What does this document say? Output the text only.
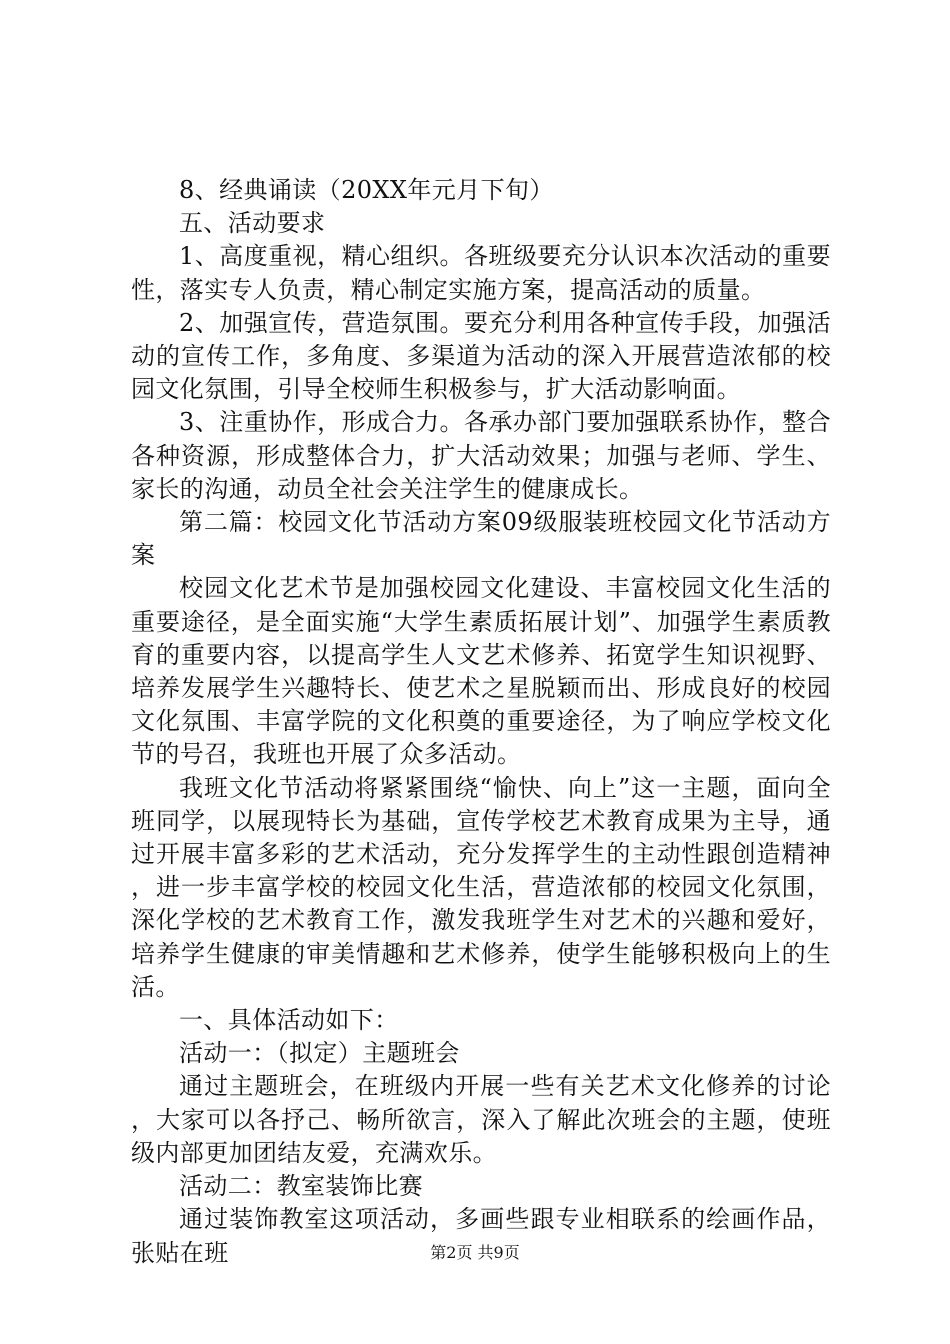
8、经典诵读（20XX年元月下旬）

五、活动要求

1、高度重视，精心组织。各班级要充分认识本次活动的重要性，落实专人负责，精心制定实施方案，提高活动的质量。

2、加强宣传，营造氛围。要充分利用各种宣传手段，加强活动的宣传工作，多角度、多渠道为活动的深入开展营造浓郁的校园文化氛围，引导全校师生积极参与，扩大活动影响面。

3、注重协作，形成合力。各承办部门要加强联系协作，整合各种资源，形成整体合力，扩大活动效果；加强与老师、学生、家长的沟通，动员全社会关注学生的健康成长。

第二篇：校园文化节活动方案09级服装班校园文化节活动方案

校园文化艺术节是加强校园文化建设、丰富校园文化生活的重要途径，是全面实施“大学生素质拓展计划”、加强学生素质教育的重要内容，以提高学生人文艺术修养、拓宽学生知识视野、培养发展学生兴趣特长、使艺术之星脱颖而出、形成良好的校园文化氛围、丰富学院的文化积奠的重要途径，为了响应学校文化节的号召，我班也开展了众多活动。

我班文化节活动将紧紧围绕“愉快、向上”这一主题，面向全班同学，以展现特长为基础，宣传学校艺术教育成果为主导，通过开展丰富多彩的艺术活动，充分发挥学生的主动性跟创造精神，进一步丰富学校的校园文化生活，营造浓郁的校园文化氛围，深化学校的艺术教育工作，激发我班学生对艺术的兴趣和爱好，培养学生健康的审美情趣和艺术修养，使学生能够积极向上的生活。

一、具体活动如下：

活动一：（拟定）主题班会

通过主题班会，在班级内开展一些有关艺术文化修养的讨论，大家可以各抒己、畅所欲言，深入了解此次班会的主题，使班级内部更加团结友爱，充满欢乐。

活动二：教室装饰比赛

通过装饰教室这项活动，多画些跟专业相联系的绘画作品，张贴在班	第2页 共9页
